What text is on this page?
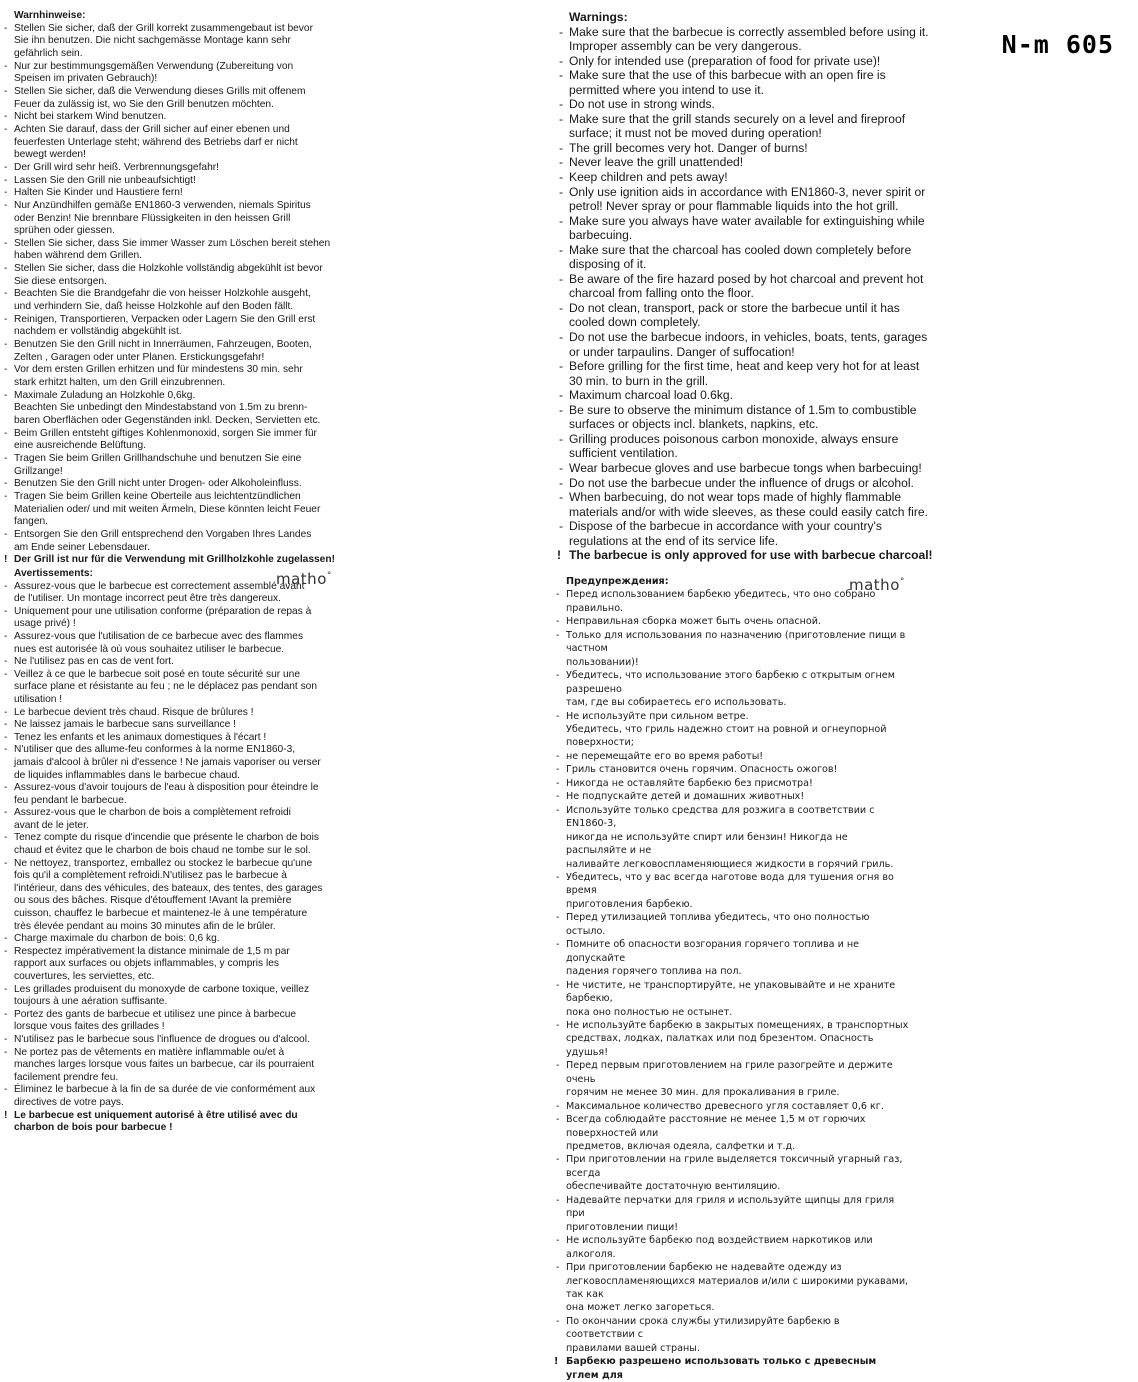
N-m 605
Warnhinweise:
- Stellen Sie sicher, daß der Grill korrekt zusammengebaut ist bevor
Sie ihn benutzen. Die nicht sachgemässe Montage kann sehr
gefährlich sein.
- Nur zur bestimmungsgemäßen Verwendung (Zubereitung von
Speisen im privaten Gebrauch)!
- Stellen Sie sicher, daß die Verwendung dieses Grills mit offenem
Feuer da zulässig ist, wo Sie den Grill benutzen möchten.
- Nicht bei starkem Wind benutzen.
- Achten Sie darauf, dass der Grill sicher auf einer ebenen und
feuerfesten Unterlage steht; während des Betriebs darf er nicht
bewegt werden!
- Der Grill wird sehr heiß. Verbrennungsgefahr!
- Lassen Sie den Grill nie unbeaufsichtigt!
- Halten Sie Kinder und Haustiere fern!
- Nur Anzündhilfen gemäße EN1860-3 verwenden, niemals Spiritus
oder Benzin! Nie brennbare Flüssigkeiten in den heissen Grill
sprühen oder giessen.
- Stellen Sie sicher, dass Sie immer Wasser zum Löschen bereit stehen
haben während dem Grillen.
- Stellen Sie sicher, dass die Holzkohle vollständig abgekühlt ist bevor
Sie diese entsorgen.
- Beachten Sie die Brandgefahr die von heisser Holzkohle ausgeht,
und verhindern Sie, daß heisse Holzkohle auf den Boden fällt.
- Reinigen, Transportieren, Verpacken oder Lagern Sie den Grill erst
nachdem er vollständig abgekühlt ist.
- Benutzen Sie den Grill nicht in Innerräumen, Fahrzeugen, Booten,
Zelten , Garagen oder unter Planen. Erstickungsgefahr!
- Vor dem ersten Grillen erhitzen und für mindestens 30 min. sehr
stark erhitzt halten, um den Grill einzubrennen.
- Maximale Zuladung an Holzkohle 0,6kg.
Beachten Sie unbedingt den Mindestabstand von 1.5m zu brenn-
baren Oberflächen oder Gegenständen inkl. Decken, Servietten etc.
- Beim Grillen entsteht giftiges Kohlenmonoxid, sorgen Sie immer für
eine ausreichende Belüftung.
- Tragen Sie beim Grillen Grillhandschuhe und benutzen Sie eine
Grillzange!
- Benutzen Sie den Grill nicht unter Drogen- oder Alkoholeinfluss.
- Tragen Sie beim Grillen keine Oberteile aus leichtentzündlichen
Materialien oder/ und mit weiten Ärmeln, Diese könnten leicht Feuer
fangen.
- Entsorgen Sie den Grill entsprechend den Vorgaben Ihres Landes
am Ende seiner Lebensdauer.
! Der Grill ist nur für die Verwendung mit Grillholzkohle zugelassen!
Warnings:
- Make sure that the barbecue is correctly assembled before using it.
Improper assembly can be very dangerous.
- Only for intended use (preparation of food for private use)!
- Make sure that the use of this barbecue with an open fire is
permitted where you intend to use it.
- Do not use in strong winds.
- Make sure that the grill stands securely on a level and fireproof
surface; it must not be moved during operation!
- The grill becomes very hot. Danger of burns!
- Never leave the grill unattended!
- Keep children and pets away!
- Only use ignition aids in accordance with EN1860-3, never spirit or
petrol! Never spray or pour flammable liquids into the hot grill.
- Make sure you always have water available for extinguishing while
barbecuing.
- Make sure that the charcoal has cooled down completely before
disposing of it.
- Be aware of the fire hazard posed by hot charcoal and prevent hot
charcoal from falling onto the floor.
- Do not clean, transport, pack or store the barbecue until it has
cooled down completely.
- Do not use the barbecue indoors, in vehicles, boats, tents, garages
or under tarpaulins. Danger of suffocation!
- Before grilling for the first time, heat and keep very hot for at least
30 min. to burn in the grill.
- Maximum charcoal load 0.6kg.
- Be sure to observe the minimum distance of 1.5m to combustible
surfaces or objects incl. blankets, napkins, etc.
- Grilling produces poisonous carbon monoxide, always ensure
sufficient ventilation.
- Wear barbecue gloves and use barbecue tongs when barbecuing!
- Do not use the barbecue under the influence of drugs or alcohol.
- When barbecuing, do not wear tops made of highly flammable
materials and/or with wide sleeves, as these could easily catch fire.
- Dispose of the barbecue in accordance with your country's
regulations at the end of its service life.
! The barbecue is only approved for use with barbecue charcoal!
Avertissements:
- Assurez-vous que le barbecue est correctement assemblé avant
de l'utiliser. Un montage incorrect peut être très dangereux.
- Uniquement pour une utilisation conforme (préparation de repas à
usage privé) !
- Assurez-vous que l'utilisation de ce barbecue avec des flammes
nues est autorisée là où vous souhaitez utiliser le barbecue.
- Ne l'utilisez pas en cas de vent fort.
- Veillez à ce que le barbecue soit posé en toute sécurité sur une
surface plane et résistante au feu ; ne le déplacez pas pendant son
utilisation !
- Le barbecue devient très chaud. Risque de brûlures !
- Ne laissez jamais le barbecue sans surveillance !
- Tenez les enfants et les animaux domestiques à l'écart !
- N'utiliser que des allume-feu conformes à la norme EN1860-3,
jamais d'alcool à brûler ni d'essence ! Ne jamais vaporiser ou verser
de liquides inflammables dans le barbecue chaud.
- Assurez-vous d'avoir toujours de l'eau à disposition pour éteindre le
feu pendant le barbecue.
- Assurez-vous que le charbon de bois a complètement refroidi
avant de le jeter.
- Tenez compte du risque d'incendie que présente le charbon de bois
chaud et évitez que le charbon de bois chaud ne tombe sur le sol.
- Ne nettoyez, transportez, emballez ou stockez le barbecue qu'une
fois qu'il a complètement refroidi.N'utilisez pas le barbecue à
l'intérieur, dans des véhicules, des bateaux, des tentes, des garages
ou sous des bâches. Risque d'étouffement !Avant la première
cuisson, chauffez le barbecue et maintenez-le à une température
très élevée pendant au moins 30 minutes afin de le brûler.
- Charge maximale du charbon de bois: 0,6 kg.
- Respectez impérativement la distance minimale de 1,5 m par
rapport aux surfaces ou objets inflammables, y compris les
couvertures, les serviettes, etc.
- Les grillades produisent du monoxyde de carbone toxique, veillez
toujours à une aération suffisante.
- Portez des gants de barbecue et utilisez une pince à barbecue
lorsque vous faites des grillades !
- N'utilisez pas le barbecue sous l'influence de drogues ou d'alcool.
- Ne portez pas de vêtements en matière inflammable ou/et à
manches larges lorsque vous faites un barbecue, car ils pourraient
facilement prendre feu.
- Éliminez le barbecue à la fin de sa durée de vie conformément aux
directives de votre pays.
! Le barbecue est uniquement autorisé à être utilisé avec du
charbon de bois pour barbecue !
matho°	Предупреждения:
- Перед использованием барбекю убедитесь, что оно собрано правильно.
- Неправильная сборка может быть очень опасной.
- Только для использования по назначению (приготовление пищи в частном
пользовании)!
- Убедитесь, что использование этого барбекю с открытым огнем разрешено
там, где вы собираетесь его использовать.
- Не используйте при сильном ветре.
Убедитесь, что гриль надежно стоит на ровной и огнеупорной поверхности;
- не перемещайте его во время работы!
- Гриль становится очень горячим. Опасность ожогов!
- Никогда не оставляйте барбекю без присмотра!
- Не подпускайте детей и домашних животных!
- Используйте только средства для розжига в соответствии с EN1860-3,
никогда не используйте спирт или бензин! Никогда не распыляйте и не
наливайте легковоспламеняющиеся жидкости в горячий гриль.
- Убедитесь, что у вас всегда наготове вода для тушения огня во время
приготовления барбекю.
- Перед утилизацией топлива убедитесь, что оно полностью остыло.
- Помните об опасности возгорания горячего топлива и не допускайте
падения горячего топлива на пол.
- Не чистите, не транспортируйте, не упаковывайте и не храните барбекю,
пока оно полностью не остынет.
- Не используйте барбекю в закрытых помещениях, в транспортных
средствах, лодках, палатках или под брезентом. Опасность удушья!
- Перед первым приготовлением на гриле разогрейте и держите очень
горячим не менее 30 мин. для прокаливания в гриле.
- Максимальное количество древесного угля составляет 0,6 кг.
- Всегда соблюдайте расстояние не менее 1,5 м от горючих поверхностей или
предметов, включая одеяла, салфетки и т.д.
- При приготовлении на гриле выделяется токсичный угарный газ, всегда
обеспечивайте достаточную вентиляцию.
- Надевайте перчатки для гриля и используйте щипцы для гриля при
приготовлении пищи!
- Не используйте барбекю под воздействием наркотиков или алкоголя.
- При приготовлении барбекю не надевайте одежду из
легковоспламеняющихся материалов и/или с широкими рукавами, так как
она может легко загореться.
- По окончании срока службы утилизируйте барбекю в соответствии с
правилами вашей страны.
! Барбекю разрешено использовать только с древесным углем для
matho°
